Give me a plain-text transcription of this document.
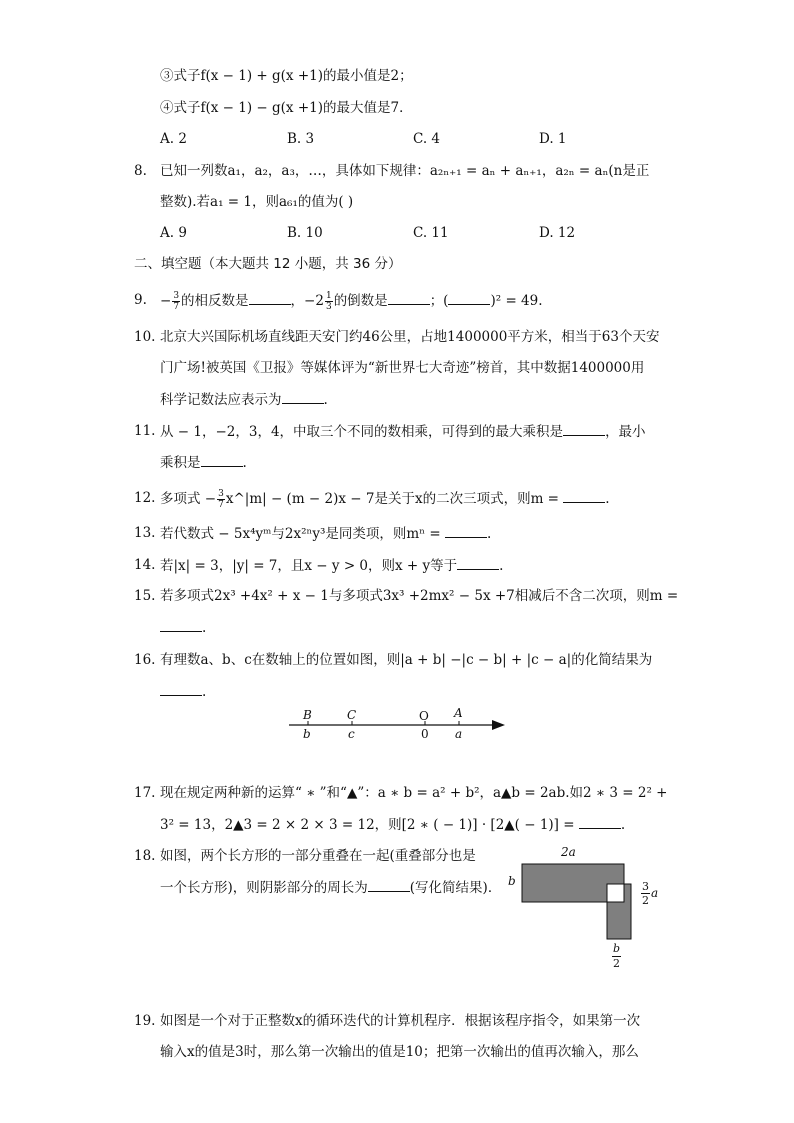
③式子f(x − 1) + g(x +1)的最小值是2；
④式子f(x − 1) − g(x +1)的最大值是7．
A. 2	B. 3	C. 4	D. 1
8. 已知一列数a₁，a₂，a₃，…，具体如下规律：a₂ₙ₊₁ = aₙ + aₙ₊₁，a₂ₙ = aₙ(n是正
整数).若a₁ = 1，则a₆₁的值为( )
A. 9	B. 10	C. 11	D. 12
二、填空题（本大题共 12 小题，共 36 分）
9. − $\frac{3}{7}$ 的相反数是	，$-2 \frac{1}{3}$ 的倒数是	；(	)² = 49.
10. 北京大兴国际机场直线距天安门约46公里，占地1400000平方米，相当于63个天安
门广场!被英国《卫报》等媒体评为“新世界七大奇迹”榜首，其中数据1400000用
科学记数法应表示为	.
11. 从 − 1，−2，3，4，中取三个不同的数相乘，可得到的最大乘积是	，最小
乘积是	.
12. 多项式 − $\frac{3}{7}$ x^|m| − (m − 2)x − 7是关于x的二次三项式，则m =	.
13. 若代数式 − 5x⁴yᵐ与2x²ⁿy³是同类项，则mⁿ =	.
14. 若|x| = 3，|y| = 7，且x − y > 0，则x + y等于	.
15. 若多项式2x³ +4x² + x − 1与多项式3x³ +2mx² − 5x +7相减后不含二次项，则m =
.
16. 有理数a、b、c在数轴上的位置如图，则|a + b| −|c − b| + |c − a|的化简结果为
.
B	C	O A
b	c	0 a
17. 现在规定两种新的运算“ ∗ ”和“▲”：a ∗ b = a² + b²，a▲b = 2ab.如2 ∗ 3 = 2² +
3² = 13，2▲3 = 2 × 2 × 3 = 12，则[2 ∗ ( − 1)] · [2▲( − 1)] =	.
18. 如图，两个长方形的一部分重叠在一起(重叠部分也是
一个长方形)，则阴影部分的周长为	(写化简结果)．
2a
b	$\frac{3}{2}$ a
$\frac{b}{2}$
19. 如图是一个对于正整数x的循环迭代的计算机程序．根据该程序指令，如果第一次
输入x的值是3时，那么第一次输出的值是10；把第一次输出的值再次输入，那么
